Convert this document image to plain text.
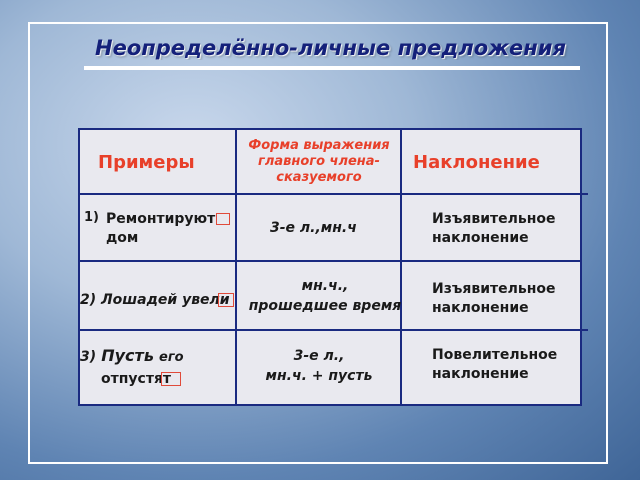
Неопределённо-личные предложения
Примеры
Форма выражения
главного члена-
сказуемого
Наклонение
1) Ремонтируют
дом
3-е л.,мн.ч
Изъявительное
наклонение
2) Лошадей увели
мн.ч.,
прошедшее время
Изъявительное
наклонение
3) Пусть его
отпустят
3-е л.,
мн.ч. + пусть
Повелительное
наклонение
